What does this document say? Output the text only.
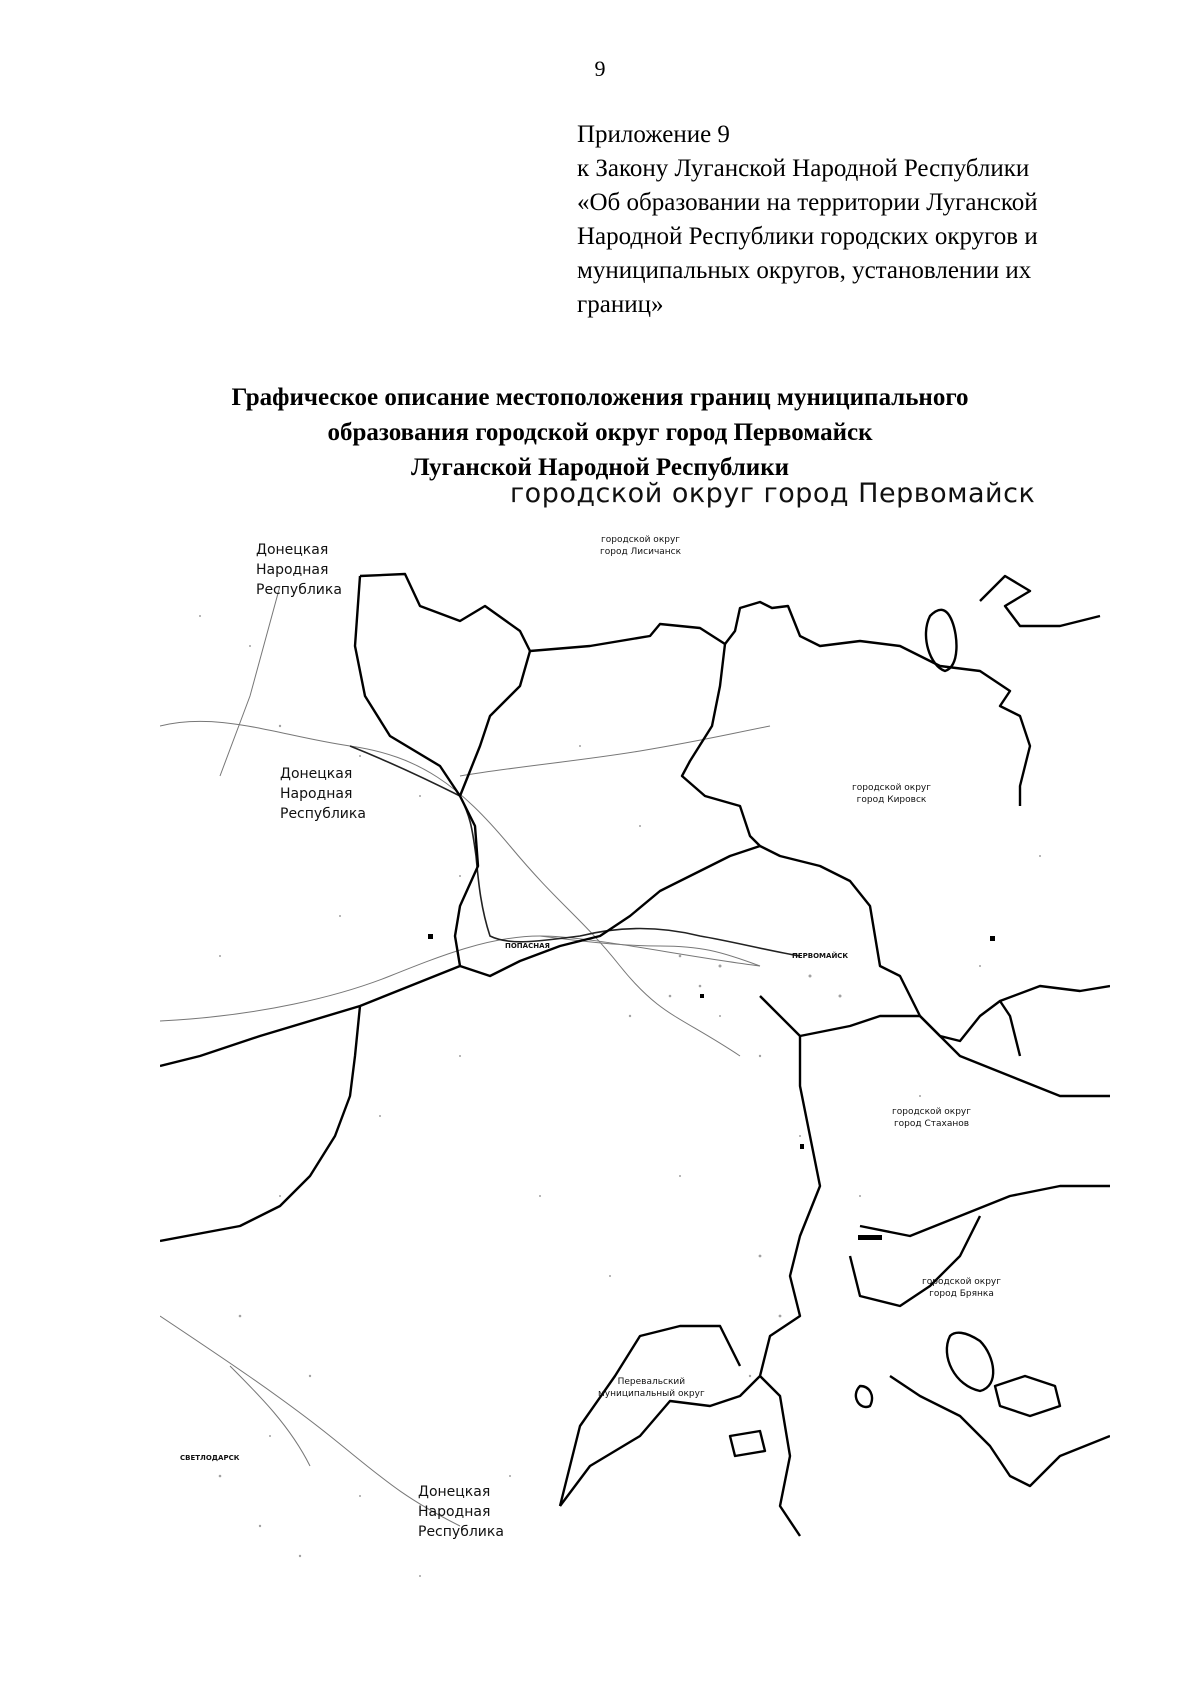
9
Приложение 9
к Закону Луганской Народной Республики
«Об образовании на территории Луганской
Народной Республики городских округов и
муниципальных округов, установлении их
границ»
Графическое описание местоположения границ муниципального
образования городской округ город Первомайск
Луганской Народной Республики
городской округ город Первомайск
Донецкая
Народная
Республика
Донецкая
Народная
Республика
Донецкая
Народная
Республика
городской округ
город Лисичанск
городской округ
город Кировск
городской округ
город Стаханов
городской округ
город Брянка
Перевальский
муниципальный округ
ПЕРВОМАЙСК
ПОПАСНАЯ
СВЕТЛОДАРСК
